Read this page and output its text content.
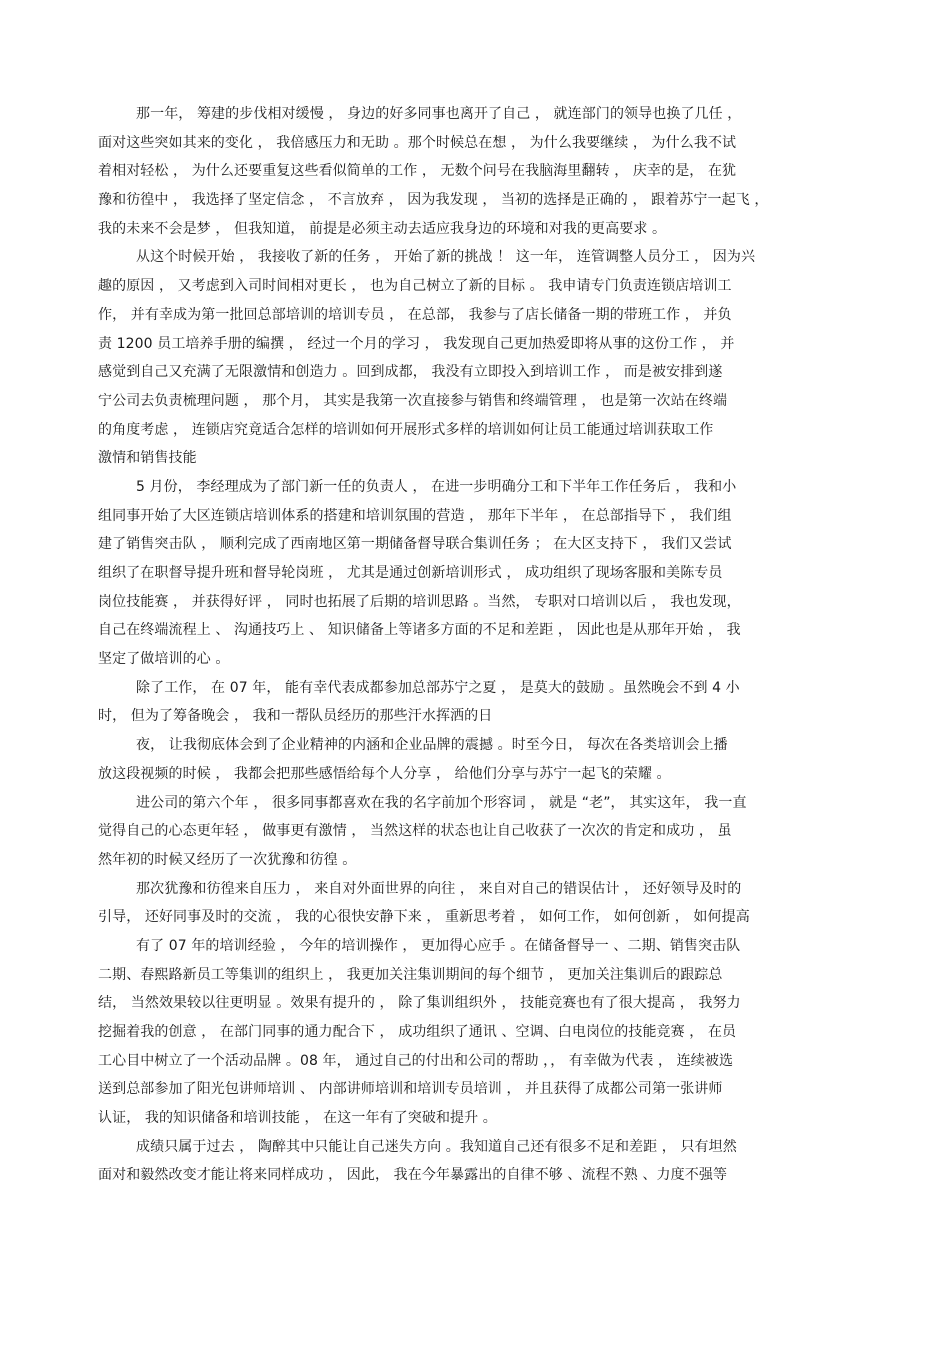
那一年， 筹建的步伐相对缓慢 ， 身边的好多同事也离开了自己 ， 就连部门的领导也换了几任 ，
面对这些突如其来的变化 ， 我倍感压力和无助 。那个时候总在想 ， 为什么我要继续 ， 为什么我不试
着相对轻松 ， 为什么还要重复这些看似简单的工作 ， 无数个问号在我脑海里翻转 ， 庆幸的是， 在犹
豫和彷徨中 ， 我选择了坚定信念 ， 不言放弃 ， 因为我发现 ， 当初的选择是正确的 ， 跟着苏宁一起飞 ，
我的未来不会是梦 ， 但我知道， 前提是必须主动去适应我身边的环境和对我的更高要求 。
从这个时候开始 ， 我接收了新的任务 ， 开始了新的挑战 ！ 这一年， 连管调整人员分工 ， 因为兴
趣的原因 ， 又考虑到入司时间相对更长 ， 也为自己树立了新的目标 。 我申请专门负责连锁店培训工
作， 并有幸成为第一批回总部培训的培训专员 ， 在总部， 我参与了店长储备一期的带班工作 ， 并负
责 1200 员工培养手册的编撰 ， 经过一个月的学习 ， 我发现自己更加热爱即将从事的这份工作 ， 并
感觉到自己又充满了无限激情和创造力 。回到成都， 我没有立即投入到培训工作 ， 而是被安排到遂
宁公司去负责梳理问题 ， 那个月， 其实是我第一次直接参与销售和终端管理 ， 也是第一次站在终端
的角度考虑 ， 连锁店究竟适合怎样的培训如何开展形式多样的培训如何让员工能通过培训获取工作
激情和销售技能
5 月份， 李经理成为了部门新一任的负责人 ， 在进一步明确分工和下半年工作任务后 ， 我和小
组同事开始了大区连锁店培训体系的搭建和培训氛围的营造 ， 那年下半年 ， 在总部指导下 ， 我们组
建了销售突击队 ， 顺利完成了西南地区第一期储备督导联合集训任务 ； 在大区支持下 ， 我们又尝试
组织了在职督导提升班和督导轮岗班 ， 尤其是通过创新培训形式 ， 成功组织了现场客服和美陈专员
岗位技能赛 ， 并获得好评 ， 同时也拓展了后期的培训思路 。当然， 专职对口培训以后 ， 我也发现，
自己在终端流程上 、 沟通技巧上 、 知识储备上等诸多方面的不足和差距 ， 因此也是从那年开始 ， 我
坚定了做培训的心 。
除了工作， 在 07 年， 能有幸代表成都参加总部苏宁之夏 ， 是莫大的鼓励 。虽然晚会不到 4 小
时， 但为了筹备晚会 ， 我和一帮队员经历的那些汗水挥洒的日
夜， 让我彻底体会到了企业精神的内涵和企业品牌的震撼 。时至今日， 每次在各类培训会上播
放这段视频的时候 ， 我都会把那些感悟给每个人分享 ， 给他们分享与苏宁一起飞的荣耀 。
进公司的第六个年 ， 很多同事都喜欢在我的名字前加个形容词 ， 就是 “老”， 其实这年， 我一直
觉得自己的心态更年轻 ， 做事更有激情 ， 当然这样的状态也让自己收获了一次次的肯定和成功 ， 虽
然年初的时候又经历了一次犹豫和彷徨 。
那次犹豫和彷徨来自压力 ， 来自对外面世界的向往 ， 来自对自己的错误估计 ， 还好领导及时的
引导， 还好同事及时的交流 ， 我的心很快安静下来 ， 重新思考着 ， 如何工作， 如何创新 ， 如何提高
有了 07 年的培训经验 ， 今年的培训操作 ， 更加得心应手 。在储备督导一 、二期、销售突击队
二期、春熙路新员工等集训的组织上 ， 我更加关注集训期间的每个细节 ， 更加关注集训后的跟踪总
结， 当然效果较以往更明显 。效果有提升的 ， 除了集训组织外 ， 技能竞赛也有了很大提高 ， 我努力
挖掘着我的创意 ， 在部门同事的通力配合下 ， 成功组织了通讯 、空调、白电岗位的技能竞赛 ， 在员
工心目中树立了一个活动品牌 。08 年， 通过自己的付出和公司的帮助 ，， 有幸做为代表 ， 连续被选
送到总部参加了阳光包讲师培训 、 内部讲师培训和培训专员培训 ， 并且获得了成都公司第一张讲师
认证， 我的知识储备和培训技能 ， 在这一年有了突破和提升 。
成绩只属于过去 ， 陶醉其中只能让自己迷失方向 。我知道自己还有很多不足和差距 ， 只有坦然
面对和毅然改变才能让将来同样成功 ， 因此， 我在今年暴露出的自律不够 、流程不熟 、力度不强等
